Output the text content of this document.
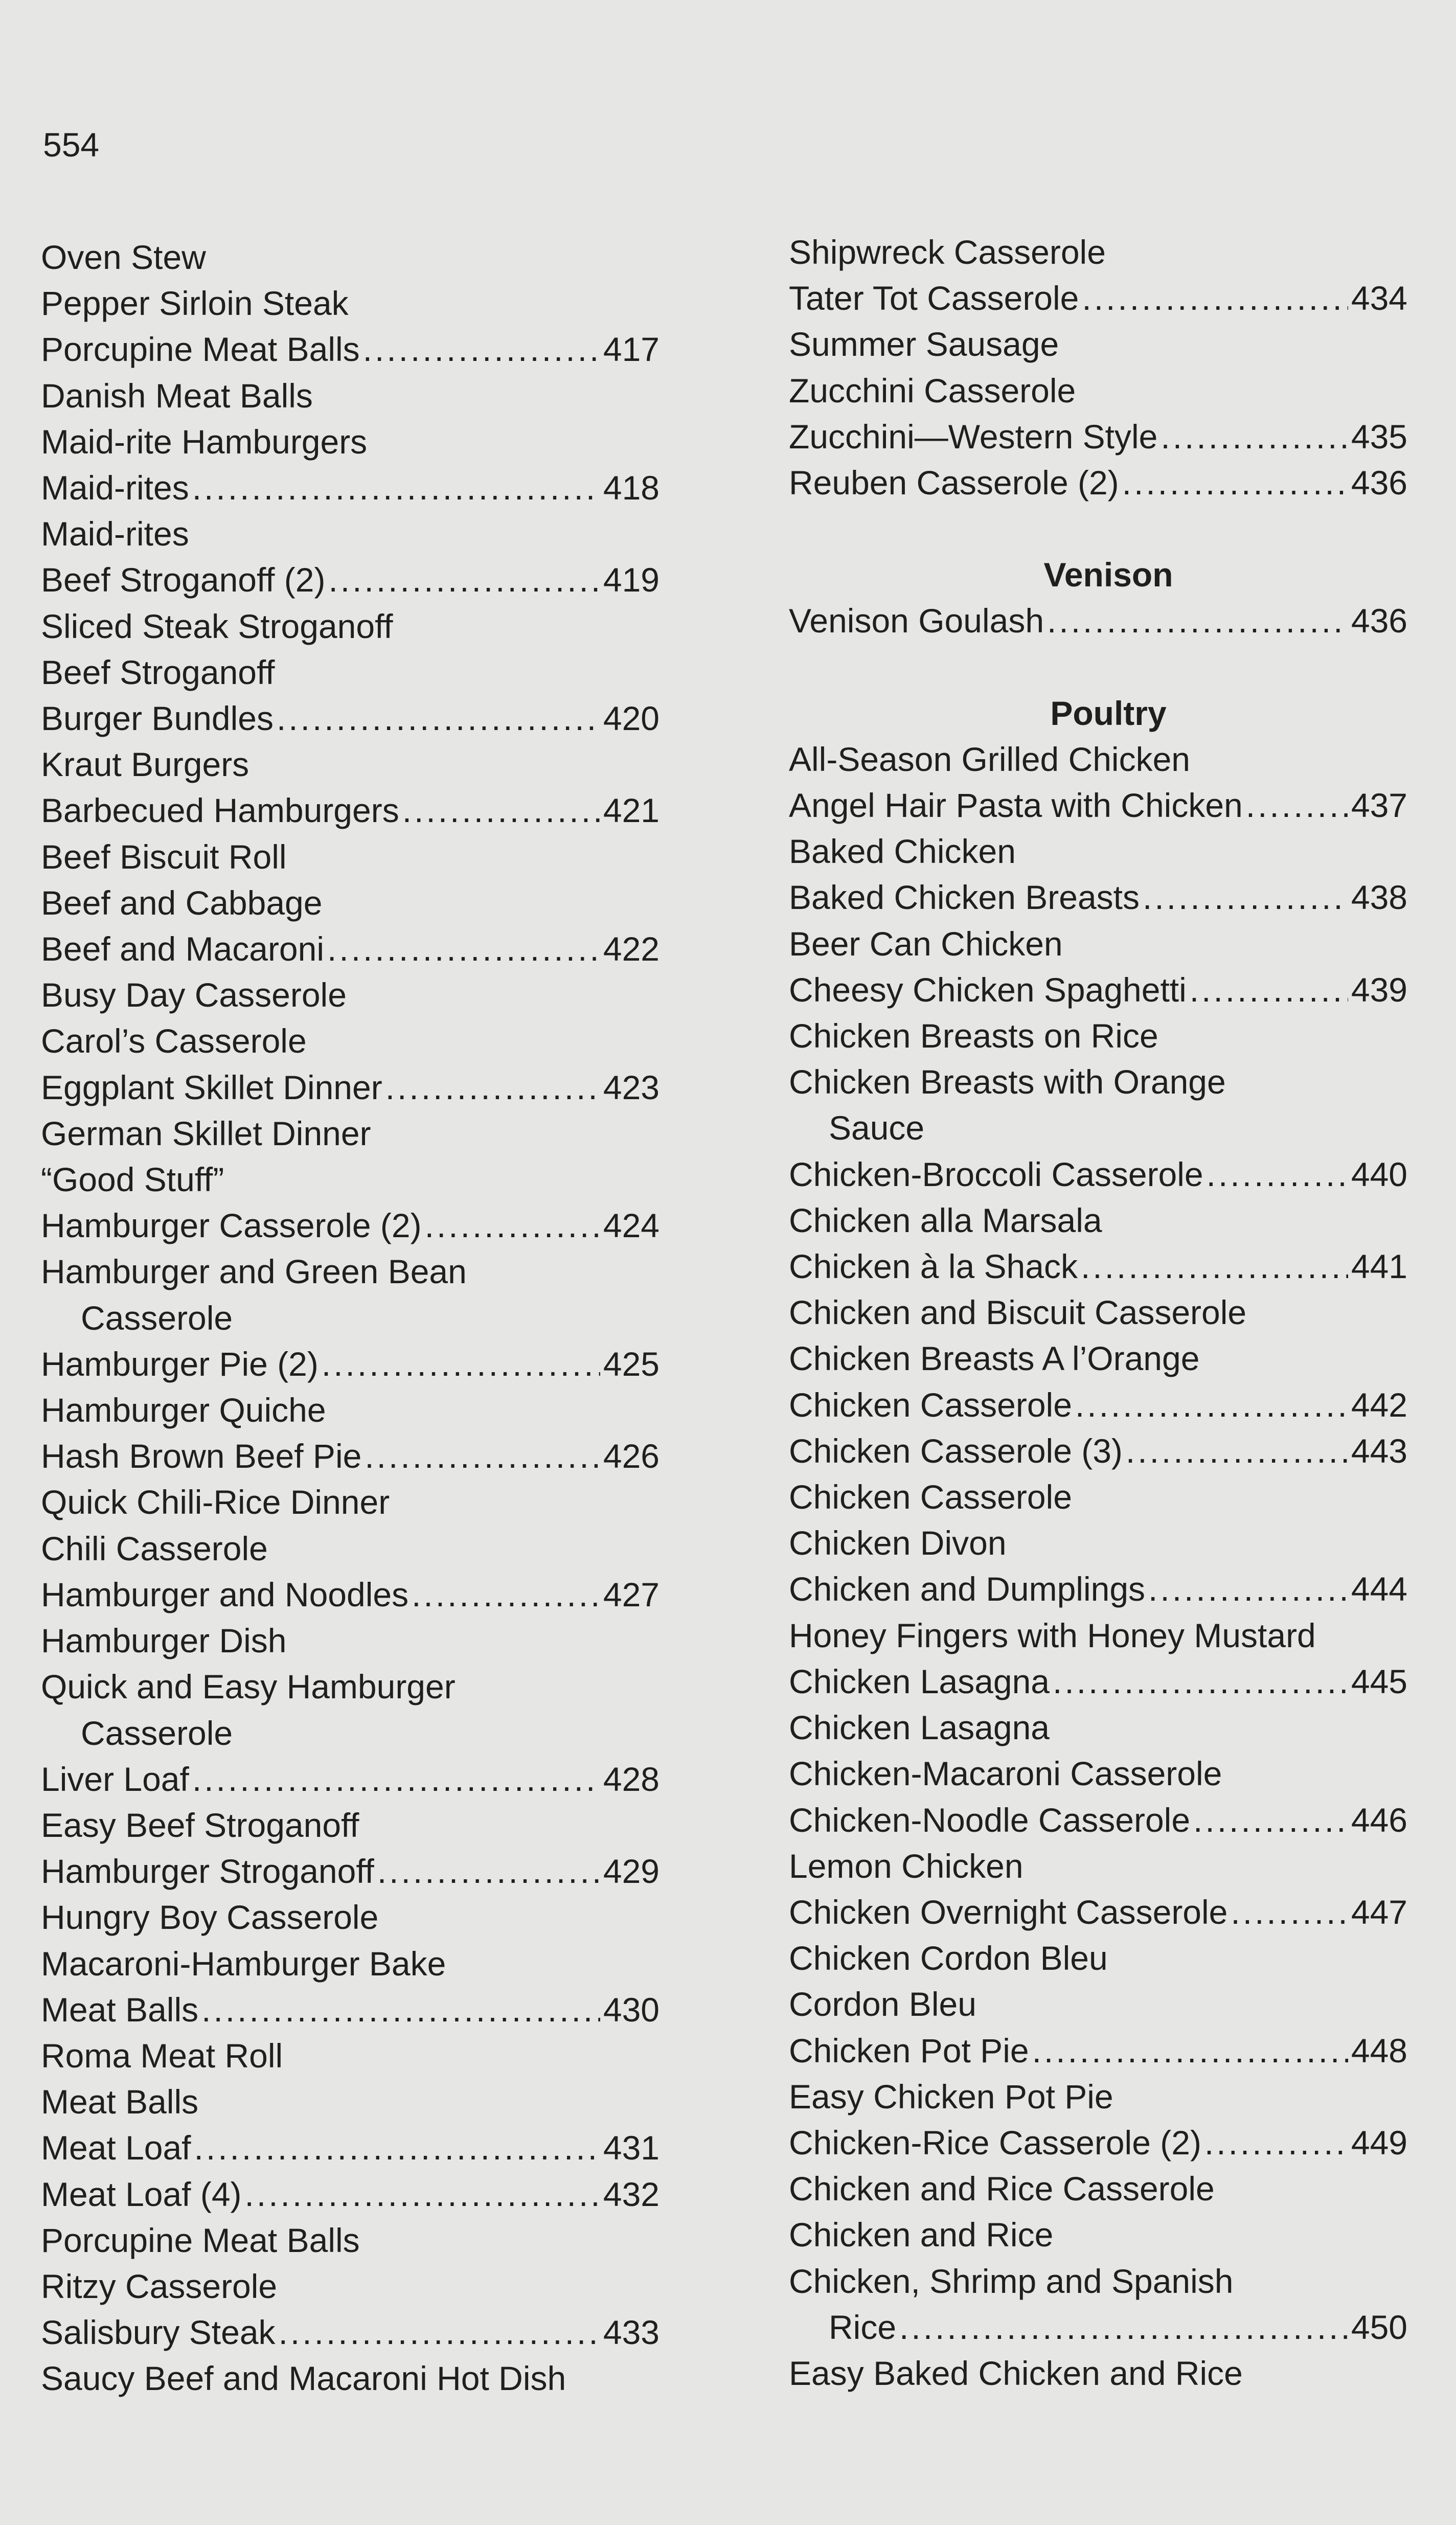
554
Oven Stew
Pepper Sirloin Steak
Porcupine Meat Balls .....	417
Danish Meat Balls
Maid-rite Hamburgers
Maid-rites .....	418
Maid-rites
Beef Stroganoff (2) .....	419
Sliced Steak Stroganoff
Beef Stroganoff
Burger Bundles .....	420
Kraut Burgers
Barbecued Hamburgers .....	421
Beef Biscuit Roll
Beef and Cabbage
Beef and Macaroni .....	422
Busy Day Casserole
Carol’s Casserole
Eggplant Skillet Dinner .....	423
German Skillet Dinner
“Good Stuff”
Hamburger Casserole (2) .....	424
Hamburger and Green Bean
Casserole
Hamburger Pie (2) .....	425
Hamburger Quiche
Hash Brown Beef Pie .....	426
Quick Chili-Rice Dinner
Chili Casserole
Hamburger and Noodles .....	427
Hamburger Dish
Quick and Easy Hamburger
Casserole
Liver Loaf .....	428
Easy Beef Stroganoff
Hamburger Stroganoff .....	429
Hungry Boy Casserole
Macaroni-Hamburger Bake
Meat Balls .....	430
Roma Meat Roll
Meat Balls
Meat Loaf .....	431
Meat Loaf (4) .....	432
Porcupine Meat Balls
Ritzy Casserole
Salisbury Steak .....	433
Saucy Beef and Macaroni Hot Dish
Shipwreck Casserole
Tater Tot Casserole .....	434
Summer Sausage
Zucchini Casserole
Zucchini—Western Style .....	435
Reuben Casserole (2) .....	436
Venison
Venison Goulash .....	436
Poultry
All-Season Grilled Chicken
Angel Hair Pasta with Chicken .....	437
Baked Chicken
Baked Chicken Breasts .....	438
Beer Can Chicken
Cheesy Chicken Spaghetti .....	439
Chicken Breasts on Rice
Chicken Breasts with Orange
Sauce
Chicken-Broccoli Casserole .....	440
Chicken alla Marsala
Chicken à la Shack .....	441
Chicken and Biscuit Casserole
Chicken Breasts A l’Orange
Chicken Casserole .....	442
Chicken Casserole (3) .....	443
Chicken Casserole
Chicken Divon
Chicken and Dumplings .....	444
Honey Fingers with Honey Mustard
Chicken Lasagna .....	445
Chicken Lasagna
Chicken-Macaroni Casserole
Chicken-Noodle Casserole .....	446
Lemon Chicken
Chicken Overnight Casserole .....	447
Chicken Cordon Bleu
Cordon Bleu
Chicken Pot Pie .....	448
Easy Chicken Pot Pie
Chicken-Rice Casserole (2) .....	449
Chicken and Rice Casserole
Chicken and Rice
Chicken, Shrimp and Spanish
Rice .....	450
Easy Baked Chicken and Rice
